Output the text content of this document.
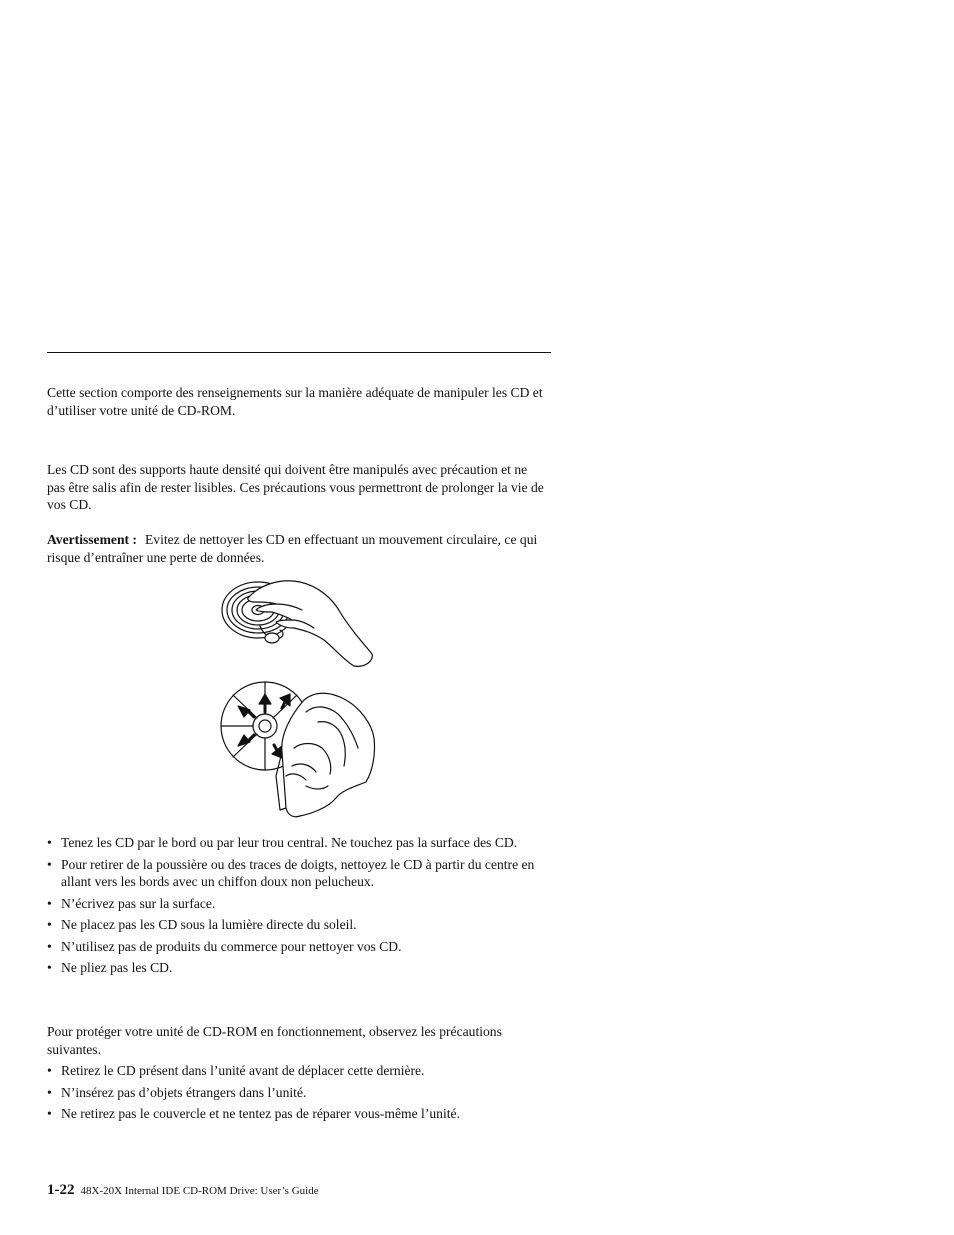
Cette section comporte des renseignements sur la manière adéquate de manipuler les CD et d’utiliser votre unité de CD-ROM.

Les CD sont des supports haute densité qui doivent être manipulés avec précaution et ne pas être salis afin de rester lisibles. Ces précautions vous permettront de prolonger la vie de vos CD.

Avertissement : Evitez de nettoyer les CD en effectuant un mouvement circulaire, ce qui risque d’entraîner une perte de données.

• Tenez les CD par le bord ou par leur trou central. Ne touchez pas la surface des CD.
• Pour retirer de la poussière ou des traces de doigts, nettoyez le CD à partir du centre en allant vers les bords avec un chiffon doux non pelucheux.
• N’écrivez pas sur la surface.
• Ne placez pas les CD sous la lumière directe du soleil.
• N’utilisez pas de produits du commerce pour nettoyer vos CD.
• Ne pliez pas les CD.

Pour protéger votre unité de CD-ROM en fonctionnement, observez les précautions suivantes.

• Retirez le CD présent dans l’unité avant de déplacer cette dernière.
• N’insérez pas d’objets étrangers dans l’unité.
• Ne retirez pas le couvercle et ne tentez pas de réparer vous-même l’unité.
1-22 48X-20X Internal IDE CD-ROM Drive: User’s Guide
